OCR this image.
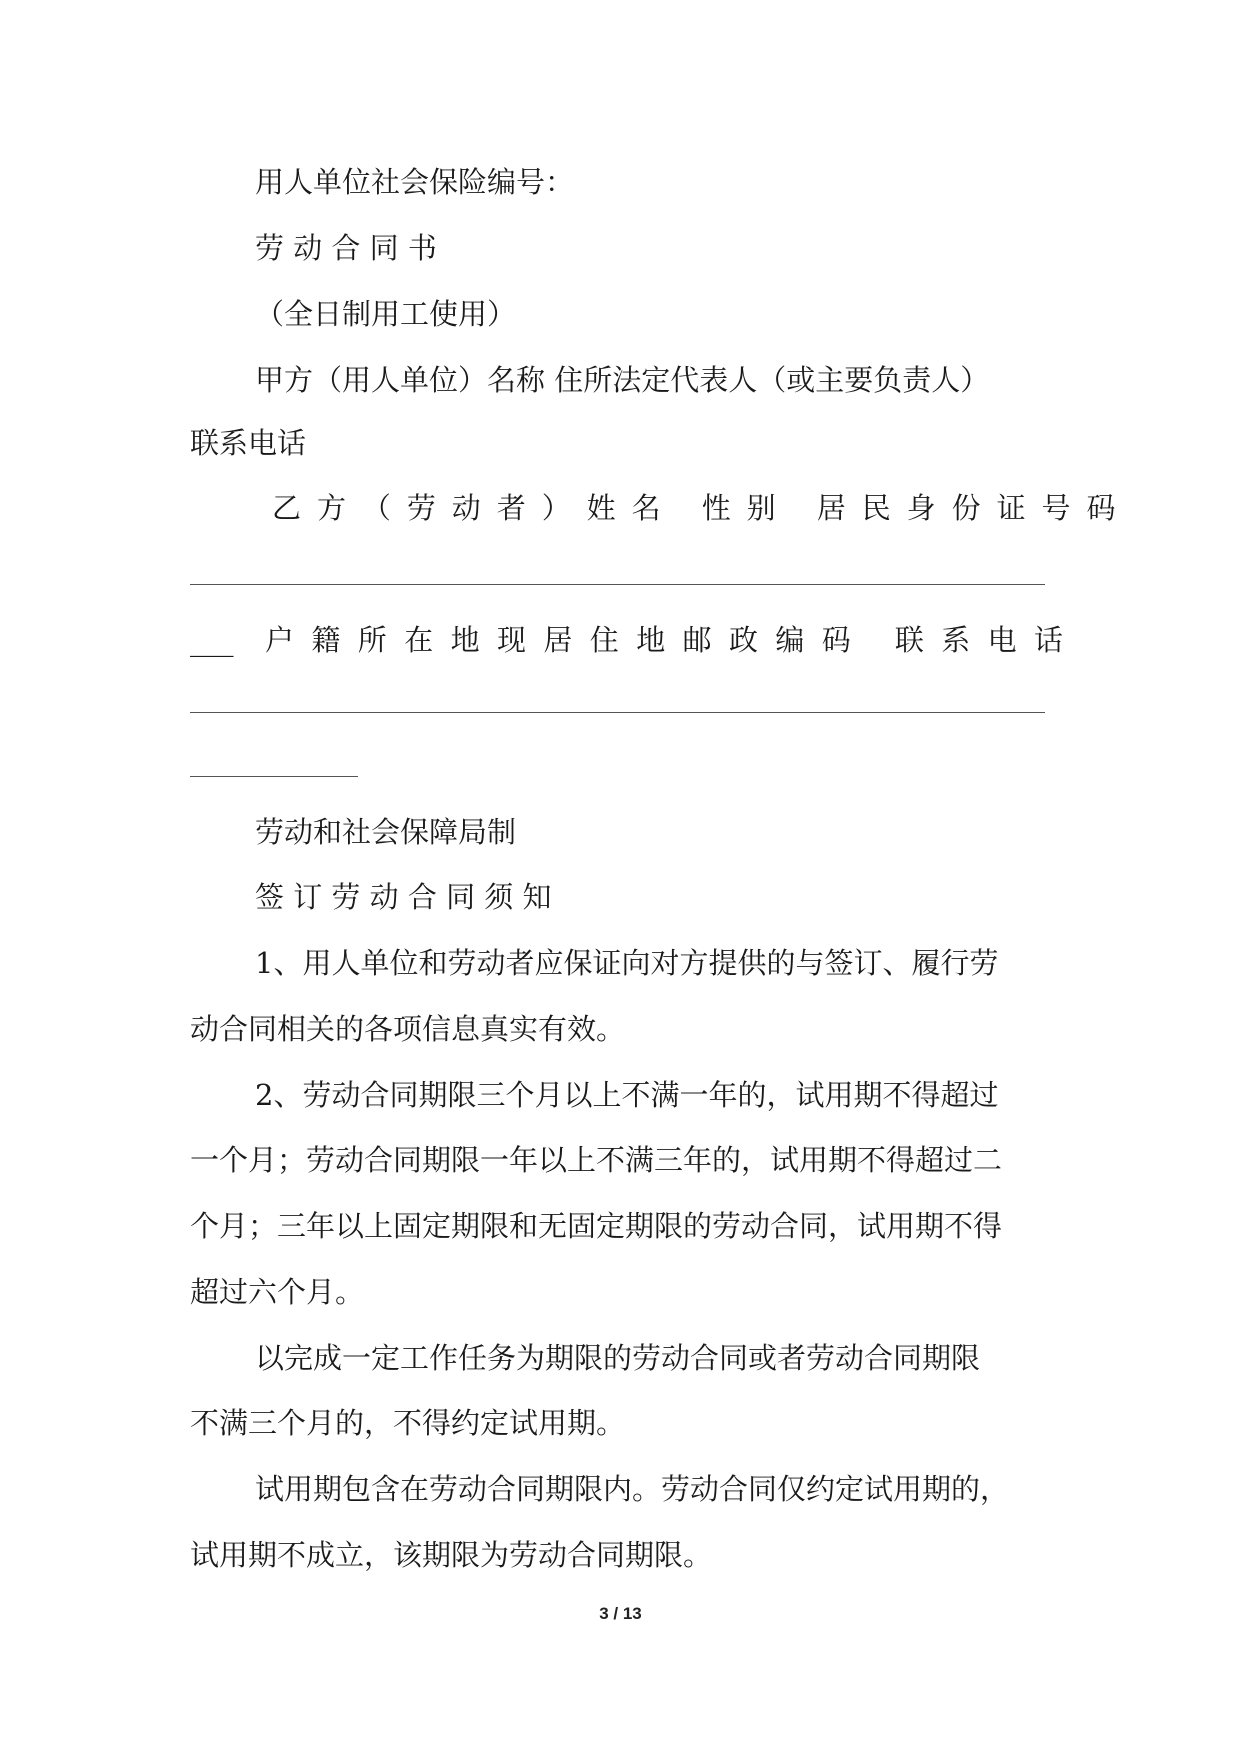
用人单位社会保险编号：
劳 动 合 同 书
（全日制用工使用）
甲方（用人单位）名称 住所法定代表人（或主要负责人）
联系电话
乙方（劳动者）姓名 性别 居民身份证号码
___	户籍所在地现居住地邮政编码 联系电话
劳动和社会保障局制
签 订 劳 动 合 同 须 知
1、用人单位和劳动者应保证向对方提供的与签订、履行劳
动合同相关的各项信息真实有效。
2、劳动合同期限三个月以上不满一年的，试用期不得超过
一个月；劳动合同期限一年以上不满三年的，试用期不得超过二
个月；三年以上固定期限和无固定期限的劳动合同，试用期不得
超过六个月。
以完成一定工作任务为期限的劳动合同或者劳动合同期限
不满三个月的，不得约定试用期。
试用期包含在劳动合同期限内。劳动合同仅约定试用期的，
试用期不成立，该期限为劳动合同期限。
3 / 13
